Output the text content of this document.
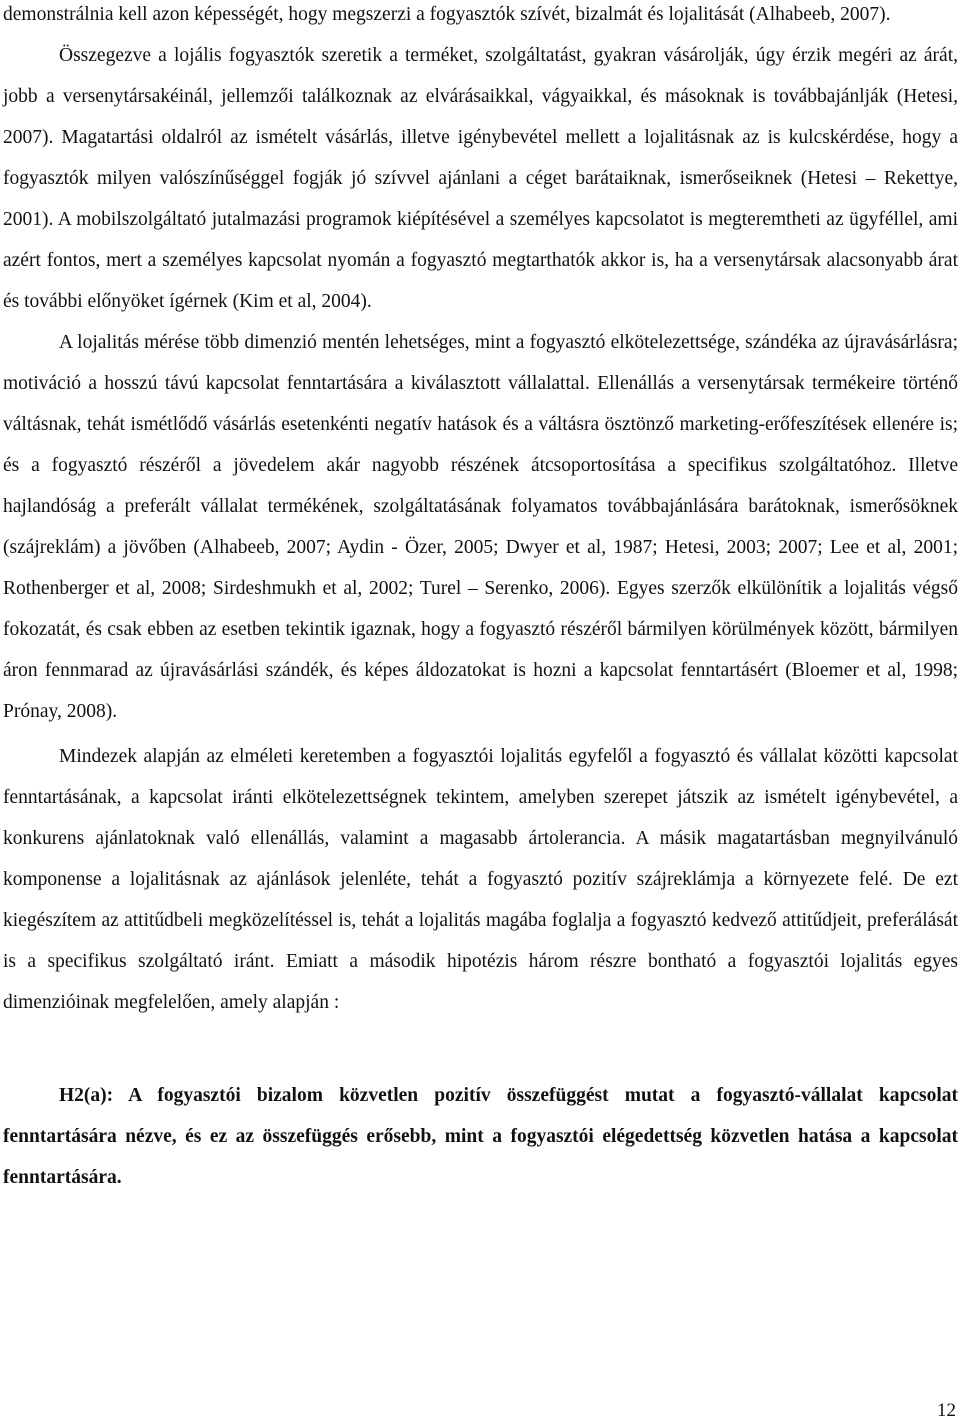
demonstrálnia kell azon képességét, hogy megszerzi a fogyasztók szívét, bizalmát és lojalitását (Alhabeeb, 2007).

Összegezve a lojális fogyasztók szeretik a terméket, szolgáltatást, gyakran vásárolják, úgy érzik megéri az árát, jobb a versenytársakéinál, jellemzői találkoznak az elvárásaikkal, vágyaikkal, és másoknak is továbbajánlják (Hetesi, 2007). Magatartási oldalról az ismételt vásárlás, illetve igénybevétel mellett a lojalitásnak az is kulcskérdése, hogy a fogyasztók milyen valószínűséggel fogják jó szívvel ajánlani a céget barátaiknak, ismerőseiknek (Hetesi – Rekettye, 2001). A mobilszolgáltató jutalmazási programok kiépítésével a személyes kapcsolatot is megteremtheti az ügyféllel, ami azért fontos, mert a személyes kapcsolat nyomán a fogyasztó megtarthatók akkor is, ha a versenytársak alacsonyabb árat és további előnyöket ígérnek (Kim et al, 2004).

A lojalitás mérése több dimenzió mentén lehetséges, mint a fogyasztó elkötelezettsége, szándéka az újravásárlásra; motiváció a hosszú távú kapcsolat fenntartására a kiválasztott vállalattal. Ellenállás a versenytársak termékeire történő váltásnak, tehát ismétlődő vásárlás esetenkénti negatív hatások és a váltásra ösztönző marketing-erőfeszítések ellenére is; és a fogyasztó részéről a jövedelem akár nagyobb részének átcsoportosítása a specifikus szolgáltatóhoz. Illetve hajlandóság a preferált vállalat termékének, szolgáltatásának folyamatos továbbajánlására barátoknak, ismerősöknek (szájreklám) a jövőben (Alhabeeb, 2007; Aydin - Özer, 2005; Dwyer et al, 1987; Hetesi, 2003; 2007; Lee et al, 2001; Rothenberger et al, 2008; Sirdeshmukh et al, 2002; Turel – Serenko, 2006). Egyes szerzők elkülönítik a lojalitás végső fokozatát, és csak ebben az esetben tekintik igaznak, hogy a fogyasztó részéről bármilyen körülmények között, bármilyen áron fennmarad az újravásárlási szándék, és képes áldozatokat is hozni a kapcsolat fenntartásért (Bloemer et al, 1998; Prónay, 2008).

Mindezek alapján az elméleti keretemben a fogyasztói lojalitás egyfelől a fogyasztó és vállalat közötti kapcsolat fenntartásának, a kapcsolat iránti elkötelezettségnek tekintem, amelyben szerepet játszik az ismételt igénybevétel, a konkurens ajánlatoknak való ellenállás, valamint a magasabb ártolerancia. A másik magatartásban megnyilvánuló komponense a lojalitásnak az ajánlások jelenléte, tehát a fogyasztó pozitív szájreklámja a környezete felé. De ezt kiegészítem az attitűdbeli megközelítéssel is, tehát a lojalitás magába foglalja a fogyasztó kedvező attitűdjeit, preferálását is a specifikus szolgáltató iránt. Emiatt a második hipotézis három részre bontható a fogyasztói lojalitás egyes dimenzióinak megfelelően, amely alapján :

H2(a): A fogyasztói bizalom közvetlen pozitív összefüggést mutat a fogyasztó-vállalat kapcsolat fenntartására nézve, és ez az összefüggés erősebb, mint a fogyasztói elégedettség közvetlen hatása a kapcsolat fenntartására.

12
